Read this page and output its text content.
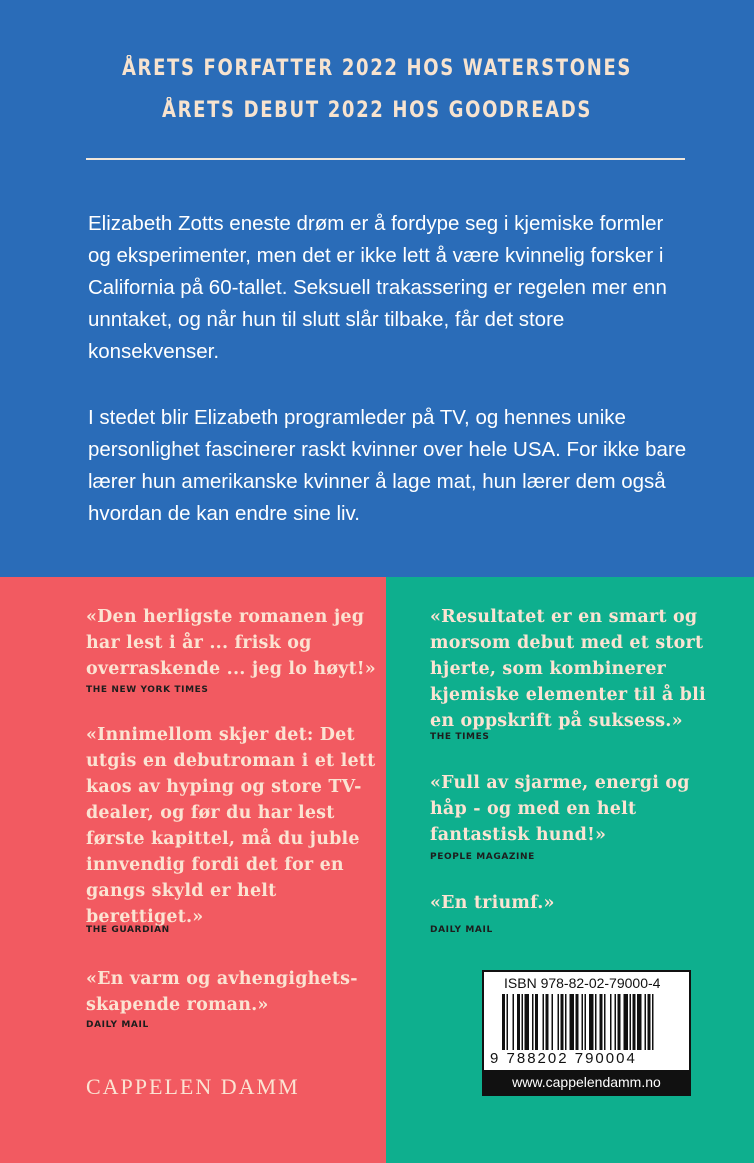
ÅRETS FORFATTER 2022 HOS WATERSTONES
ÅRETS DEBUT 2022 HOS GOODREADS

Elizabeth Zotts eneste drøm er å fordype seg i kjemiske formler og eksperimenter, men det er ikke lett å være kvinnelig forsker i California på 60-tallet. Seksuell trakassering er regelen mer enn unntaket, og når hun til slutt slår tilbake, får det store konsekvenser.

I stedet blir Elizabeth programleder på TV, og hennes unike personlighet fascinerer raskt kvinner over hele USA. For ikke bare lærer hun amerikanske kvinner å lage mat, hun lærer dem også hvordan de kan endre sine liv.

«Den herligste romanen jeg har lest i år ... frisk og overraskende ... jeg lo høyt!»

THE NEW YORK TIMES

«Innimellom skjer det: Det utgis en debutroman i et lett kaos av hyping og store TV-dealer, og før du har lest første kapittel, må du juble innvendig fordi det for en gangs skyld er helt berettiget.»

THE GUARDIAN

«En varm og avhengighets-skapende roman.»

DAILY MAIL

«Resultatet er en smart og morsom debut med et stort hjerte, som kombinerer kjemiske elementer til å bli en oppskrift på suksess.»

THE TIMES

«Full av sjarme, energi og håp - og med en helt fantastisk hund!»

PEOPLE MAGAZINE

«En triumf.»

DAILY MAIL
CAPPELEN DAMM
ISBN 978-82-02-79000-4
9 788202 790004
www.cappelendamm.no
